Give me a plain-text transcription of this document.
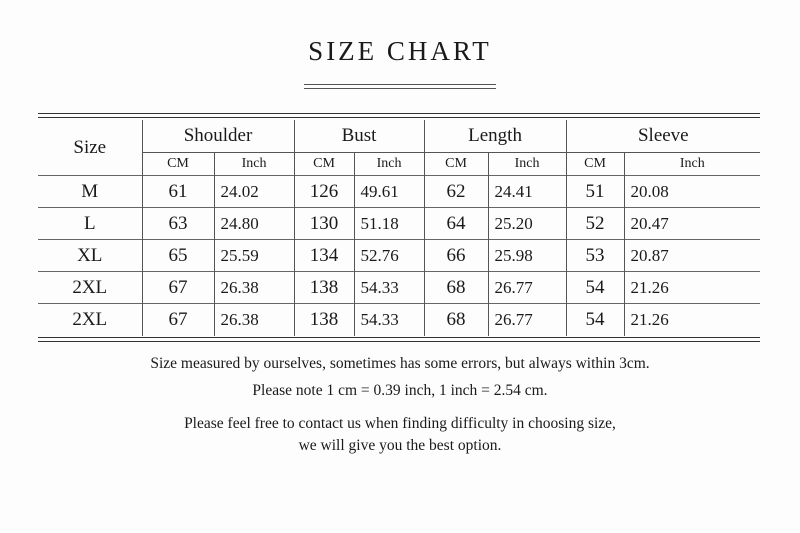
SIZE CHART
Size	Shoulder		Bust		Length		Sleeve	
	CM	Inch	CM	Inch	CM	Inch	CM	Inch
M	61	24.02	126	49.61	62	24.41	51	20.08
L	63	24.80	130	51.18	64	25.20	52	20.47
XL	65	25.59	134	52.76	66	25.98	53	20.87
2XL	67	26.38	138	54.33	68	26.77	54	21.26
2XL	67	26.38	138	54.33	68	26.77	54	21.26
Size measured by ourselves, sometimes has some errors, but always within 3cm.
Please note 1 cm = 0.39 inch, 1 inch = 2.54 cm.
Please feel free to contact us when finding difficulty in choosing size,
we will give you the best option.
